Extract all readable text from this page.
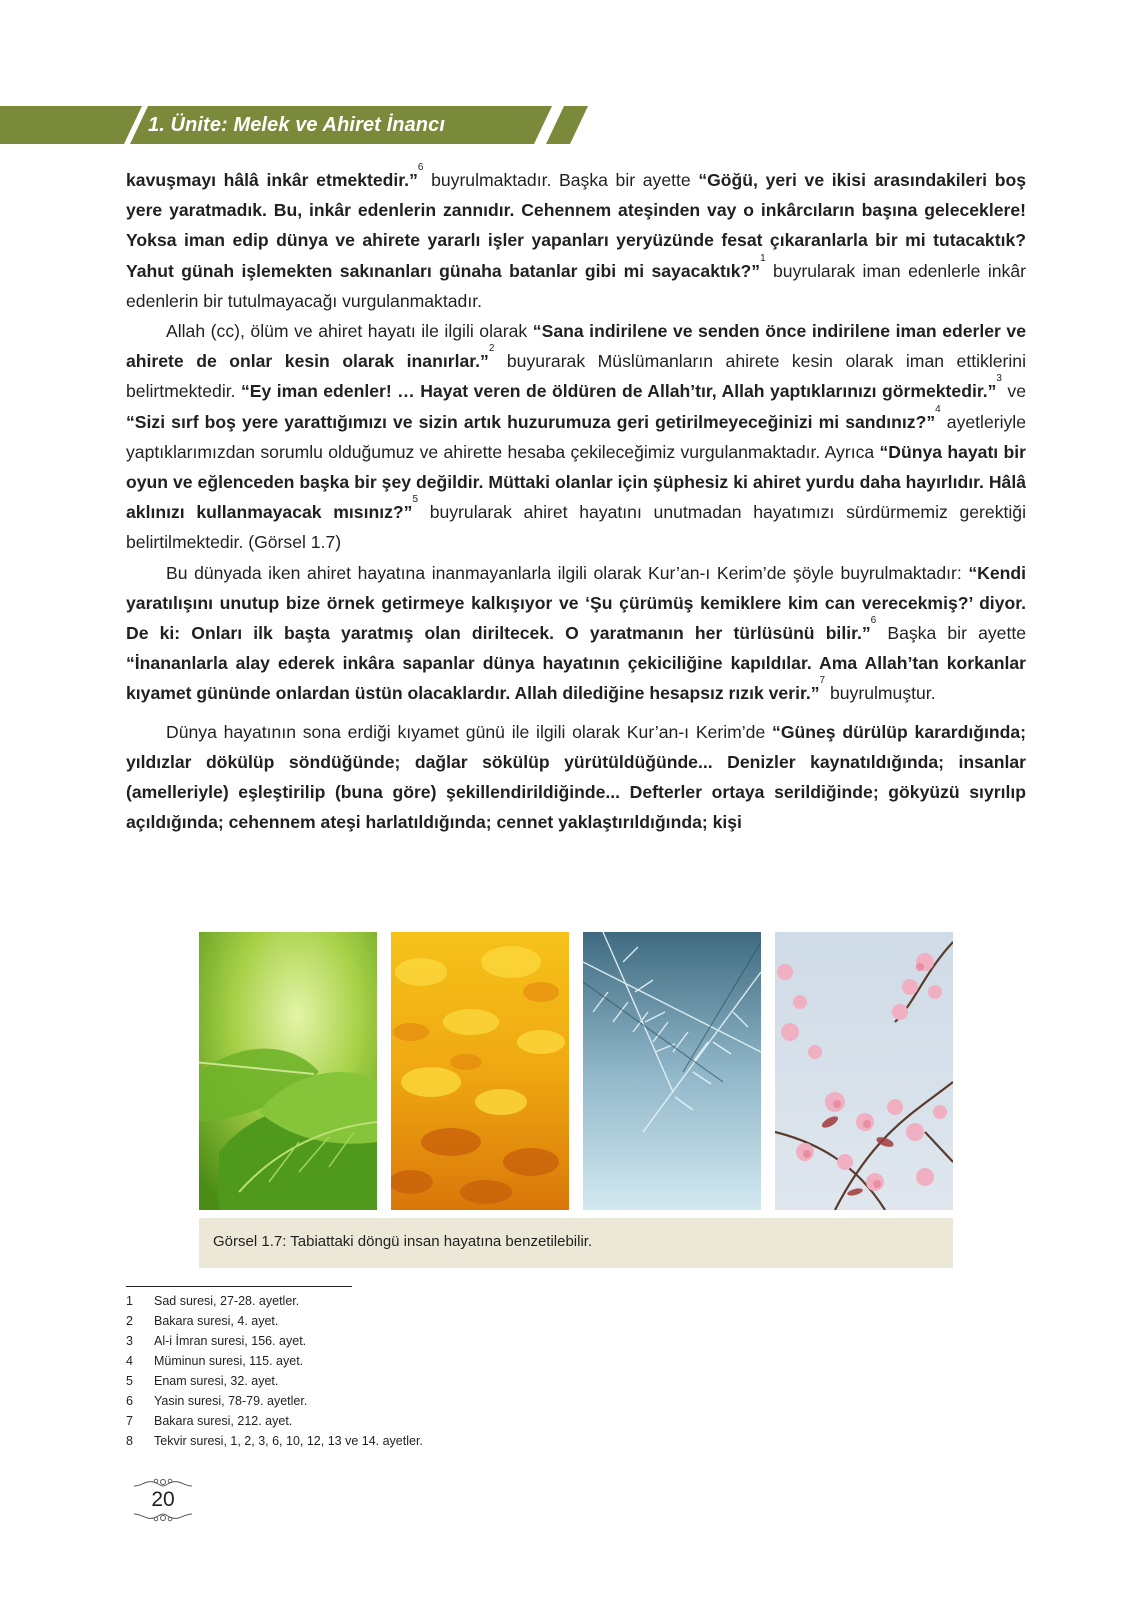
1. Ünite: Melek ve Ahiret İnancı

kavuşmayı hâlâ inkâr etmektedir.”$^6$ buyrulmaktadır. Başka bir ayette “Göğü, yeri ve ikisi arasındakileri boş yere yaratmadık. Bu, inkâr edenlerin zannıdır. Cehennem ateşinden vay o inkârcıların başına geleceklere! Yoksa iman edip dünya ve ahirete yararlı işler yapanları yeryüzünde fesat çıkaranlarla bir mi tutacaktık? Yahut günah işlemekten sakınanları günaha batanlar gibi mi sayacaktık?”$^1$ buyrularak iman edenlerle inkâr edenlerin bir tutulmayacağı vurgulanmaktadır.

Allah (cc), ölüm ve ahiret hayatı ile ilgili olarak “Sana indirilene ve senden önce indirilene iman ederler ve ahirete de onlar kesin olarak inanırlar.”$^2$ buyurarak Müslümanların ahirete kesin olarak iman ettiklerini belirtmektedir. “Ey iman edenler! … Hayat veren de öldüren de Allah’tır, Allah yaptıklarınızı görmektedir.”$^3$ ve “Sizi sırf boş yere yarattığımızı ve sizin artık huzurumuza geri getirilmeyeceğinizi mi sandınız?”$^4$ ayetleriyle yaptıklarımızdan sorumlu olduğumuz ve ahirette hesaba çekileceğimiz vurgulanmaktadır. Ayrıca “Dünya hayatı bir oyun ve eğlenceden başka bir şey değildir. Müttaki olanlar için şüphesiz ki ahiret yurdu daha hayırlıdır. Hâlâ aklınızı kullanmayacak mısınız?”$^5$ buyrularak ahiret hayatını unutmadan hayatımızı sürdürmemiz gerektiği belirtilmektedir. (Görsel 1.7)

Bu dünyada iken ahiret hayatına inanmayanlarla ilgili olarak Kur’an-ı Kerim’de şöyle buyrulmaktadır: “Kendi yaratılışını unutup bize örnek getirmeye kalkışıyor ve ‘Şu çürümüş kemiklere kim can verecekmiş?’ diyor. De ki: Onları ilk başta yaratmış olan diriltecek. O yaratmanın her türlüsünü bilir.”$^6$ Başka bir ayette “İnananlarla alay ederek inkâra sapanlar dünya hayatının çekiciliğine kapıldılar. Ama Allah’tan korkanlar kıyamet gününde onlardan üstün olacaklardır. Allah dilediğine hesapsız rızık verir.”$^7$ buyrulmuştur.

Dünya hayatının sona erdiği kıyamet günü ile ilgili olarak Kur’an-ı Kerim’de “Güneş dürülüp karardığında; yıldızlar dökülüp söndüğünde; dağlar sökülüp yürütüldüğünde... Denizler kaynatıldığında; insanlar (amelleriyle) eşleştirilip (buna göre) şekillendirildiğinde... Defterler ortaya serildiğinde; gökyüzü sıyrılıp açıldığında; cehennem ateşi harlatıldığında; cennet yaklaştırıldığında; kişi

Görsel 1.7: Tabiattaki döngü insan hayatına benzetilebilir.
1	Sad suresi, 27-28. ayetler.
2	Bakara suresi, 4. ayet.
3	Al-i İmran suresi, 156. ayet.
4	Müminun suresi, 115. ayet.
5	Enam suresi, 32. ayet.
6	Yasin suresi, 78-79. ayetler.
7	Bakara suresi, 212. ayet.
8	Tekvir suresi, 1, 2, 3, 6, 10, 12, 13 ve 14. ayetler.
20
